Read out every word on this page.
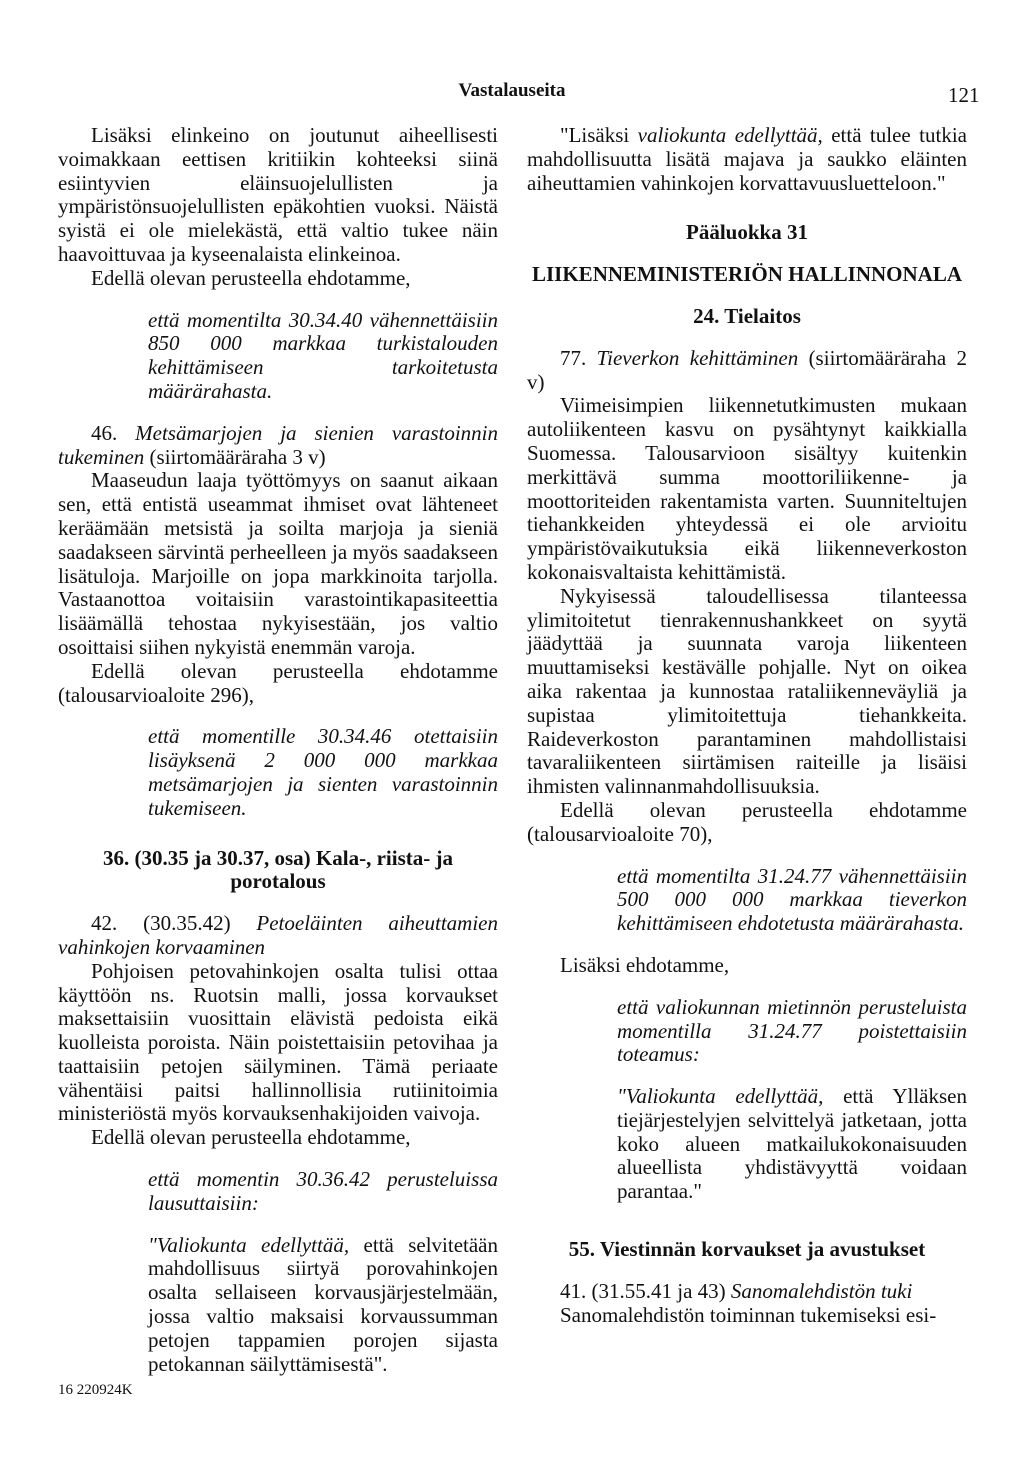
Vastalauseita	121

Lisäksi elinkeino on joutunut aiheellisesti voimakkaan eettisen kritiikin kohteeksi siinä esiintyvien eläinsuojelullisten ja ympäristönsuojelullisten epäkohtien vuoksi. Näistä syistä ei ole mielekästä, että valtio tukee näin haavoittuvaa ja kyseenalaista elinkeinoa.

Edellä olevan perusteella ehdotamme,

että momentilta 30.34.40 vähennettäisiin 850 000 markkaa turkistalouden kehittämiseen tarkoitetusta määrärahasta.

46. Metsämarjojen ja sienien varastoinnin tukeminen (siirtomääräraha 3 v)

Maaseudun laaja työttömyys on saanut aikaan sen, että entistä useammat ihmiset ovat lähteneet keräämään metsistä ja soilta marjoja ja sieniä saadakseen särvintä perheelleen ja myös saadakseen lisätuloja. Marjoille on jopa markkinoita tarjolla. Vastaanottoa voitaisiin varastointikapasiteettia lisäämällä tehostaa nykyisestään, jos valtio osoittaisi siihen nykyistä enemmän varoja.

Edellä olevan perusteella ehdotamme (talousarvioaloite 296),

että momentille 30.34.46 otettaisiin lisäyksenä 2 000 000 markkaa metsämarjojen ja sienten varastoinnin tukemiseen.

36. (30.35 ja 30.37, osa) Kala-, riista- ja porotalous

42. (30.35.42) Petoeläinten aiheuttamien vahinkojen korvaaminen

Pohjoisen petovahinkojen osalta tulisi ottaa käyttöön ns. Ruotsin malli, jossa korvaukset maksettaisiin vuosittain elävistä pedoista eikä kuolleista poroista. Näin poistettaisiin petovihaa ja taattaisiin petojen säilyminen. Tämä periaate vähentäisi paitsi hallinnollisia rutiinitoimia ministeriöstä myös korvauksenhakijoiden vaivoja.

Edellä olevan perusteella ehdotamme,

että momentin 30.36.42 perusteluissa lausuttaisiin:

"Valiokunta edellyttää, että selvitetään mahdollisuus siirtyä porovahinkojen osalta sellaiseen korvausjärjestelmään, jossa valtio maksaisi korvaussumman petojen tappamien porojen sijasta petokannan säilyttämisestä".

"Lisäksi valiokunta edellyttää, että tulee tutkia mahdollisuutta lisätä majava ja saukko eläinten aiheuttamien vahinkojen korvattavuusluetteloon."

Pääluokka 31

LIIKENNEMINISTERIÖN HALLINNONALA

24. Tielaitos

77. Tieverkon kehittäminen (siirtomääräraha 2 v)

Viimeisimpien liikennetutkimusten mukaan autoliikenteen kasvu on pysähtynyt kaikkialla Suomessa. Talousarvioon sisältyy kuitenkin merkittävä summa moottoriliikenne- ja moottoriteiden rakentamista varten. Suunniteltujen tiehankkeiden yhteydessä ei ole arvioitu ympäristövaikutuksia eikä liikenneverkoston kokonaisvaltaista kehittämistä.

Nykyisessä taloudellisessa tilanteessa ylimitoitetut tienrakennushankkeet on syytä jäädyttää ja suunnata varoja liikenteen muuttamiseksi kestävälle pohjalle. Nyt on oikea aika rakentaa ja kunnostaa rataliikenneväyliä ja supistaa ylimitoitettuja tiehankkeita. Raideverkoston parantaminen mahdollistaisi tavaraliikenteen siirtämisen raiteille ja lisäisi ihmisten valinnanmahdollisuuksia.

Edellä olevan perusteella ehdotamme (talousarvioaloite 70),

että momentilta 31.24.77 vähennettäisiin 500 000 000 markkaa tieverkon kehittämiseen ehdotetusta määrärahasta.

Lisäksi ehdotamme,

että valiokunnan mietinnön perusteluista momentilla 31.24.77 poistettaisiin toteamus:

"Valiokunta edellyttää, että Ylläksen tiejärjestelyjen selvittelyä jatketaan, jotta koko alueen matkailukokonaisuuden alueellista yhdistävyyttä voidaan parantaa."

55. Viestinnän korvaukset ja avustukset

41. (31.55.41 ja 43) Sanomalehdistön tuki

Sanomalehdistön toiminnan tukemiseksi esi-

16 220924K
